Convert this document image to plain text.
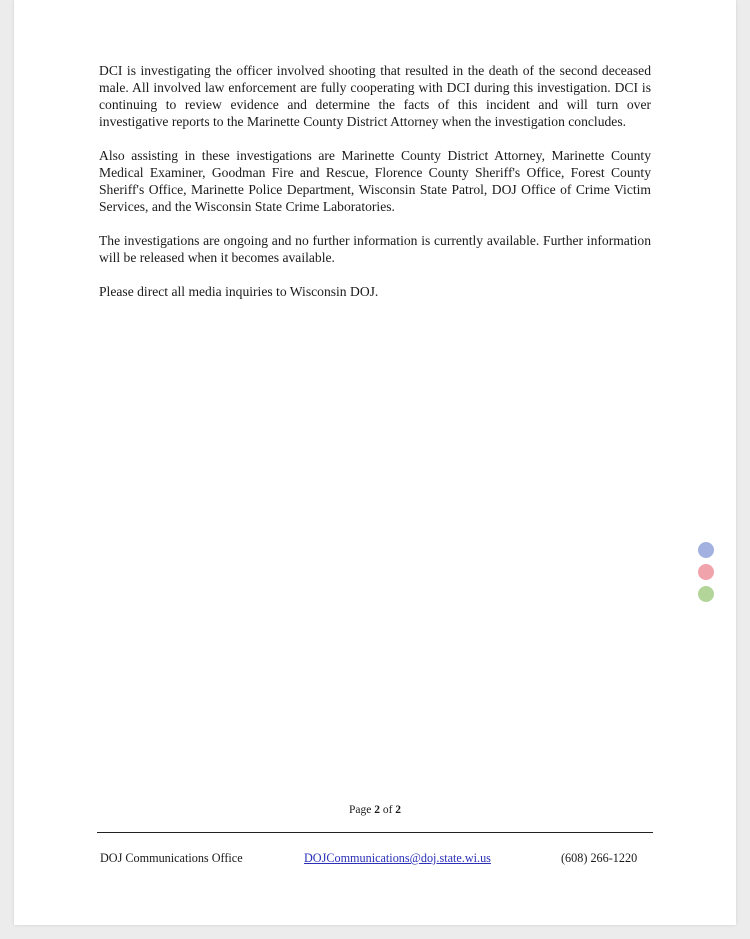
DCI is investigating the officer involved shooting that resulted in the death of the second deceased male. All involved law enforcement are fully cooperating with DCI during this investigation. DCI is continuing to review evidence and determine the facts of this incident and will turn over investigative reports to the Marinette County District Attorney when the investigation concludes.

Also assisting in these investigations are Marinette County District Attorney, Marinette County Medical Examiner, Goodman Fire and Rescue, Florence County Sheriff's Office, Forest County Sheriff's Office, Marinette Police Department, Wisconsin State Patrol, DOJ Office of Crime Victim Services, and the Wisconsin State Crime Laboratories.

The investigations are ongoing and no further information is currently available. Further information will be released when it becomes available.

Please direct all media inquiries to Wisconsin DOJ.

Page 2 of 2
DOJ Communications Office	DOJCommunications@doj.state.wi.us	(608) 266-1220
